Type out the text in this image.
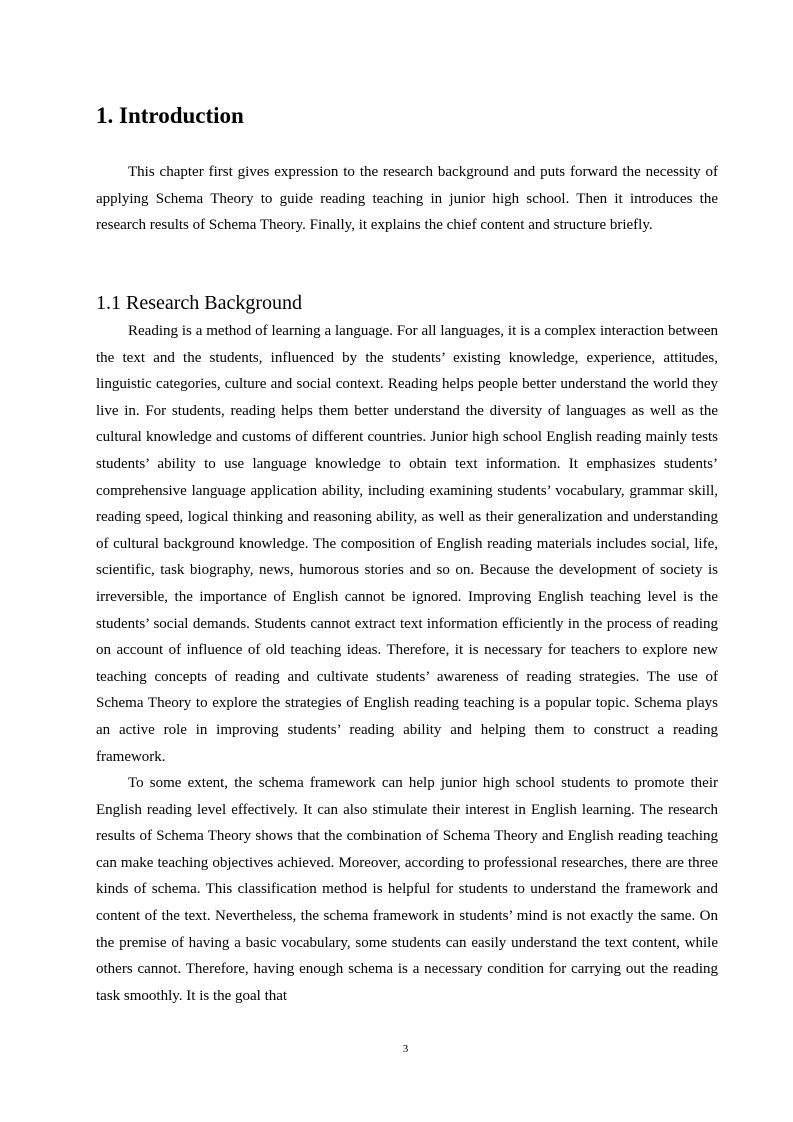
1. Introduction

This chapter first gives expression to the research background and puts forward the necessity of applying Schema Theory to guide reading teaching in junior high school. Then it introduces the research results of Schema Theory. Finally, it explains the chief content and structure briefly.

1.1 Research Background

Reading is a method of learning a language. For all languages, it is a complex interaction between the text and the students, influenced by the students’ existing knowledge, experience, attitudes, linguistic categories, culture and social context. Reading helps people better understand the world they live in. For students, reading helps them better understand the diversity of languages as well as the cultural knowledge and customs of different countries. Junior high school English reading mainly tests students’ ability to use language knowledge to obtain text information. It emphasizes students’ comprehensive language application ability, including examining students’ vocabulary, grammar skill, reading speed, logical thinking and reasoning ability, as well as their generalization and understanding of cultural background knowledge. The composition of English reading materials includes social, life, scientific, task biography, news, humorous stories and so on. Because the development of society is irreversible, the importance of English cannot be ignored. Improving English teaching level is the students’ social demands. Students cannot extract text information efficiently in the process of reading on account of influence of old teaching ideas. Therefore, it is necessary for teachers to explore new teaching concepts of reading and cultivate students’ awareness of reading strategies. The use of Schema Theory to explore the strategies of English reading teaching is a popular topic. Schema plays an active role in improving students’ reading ability and helping them to construct a reading framework.

To some extent, the schema framework can help junior high school students to promote their English reading level effectively. It can also stimulate their interest in English learning. The research results of Schema Theory shows that the combination of Schema Theory and English reading teaching can make teaching objectives achieved. Moreover, according to professional researches, there are three kinds of schema. This classification method is helpful for students to understand the framework and content of the text. Nevertheless, the schema framework in students’ mind is not exactly the same. On the premise of having a basic vocabulary, some students can easily understand the text content, while others cannot. Therefore, having enough schema is a necessary condition for carrying out the reading task smoothly. It is the goal that

3
